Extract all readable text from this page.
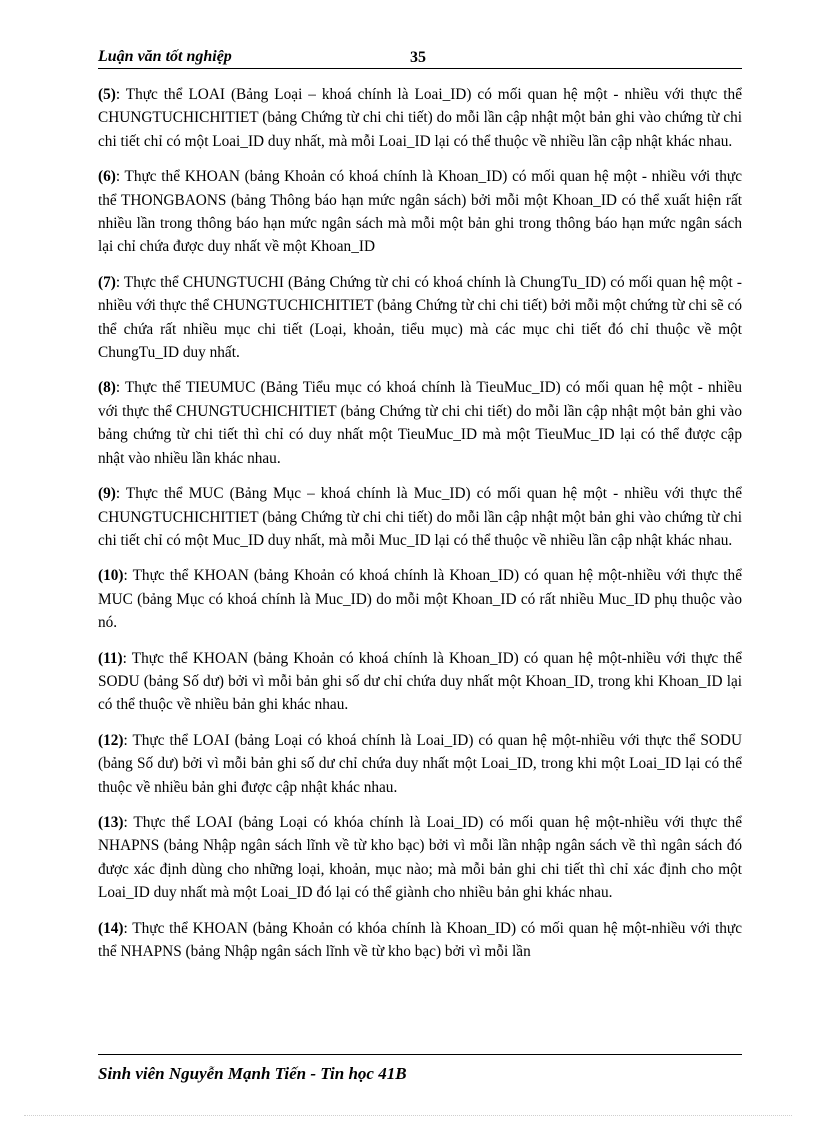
Luận văn tốt nghiệp	35

(5): Thực thể LOAI (Bảng Loại – khoá chính là Loai_ID) có mối quan hệ một - nhiều với thực thể CHUNGTUCHICHITIET (bảng Chứng từ chi chi tiết) do mỗi lần cập nhật một bản ghi vào chứng từ chi chi tiết chỉ có một Loai_ID duy nhất, mà mỗi Loai_ID lại có thể thuộc về nhiều lần cập nhật khác nhau.

(6): Thực thể KHOAN (bảng Khoản có khoá chính là Khoan_ID) có mối quan hệ một - nhiều với thực thể THONGBAONS (bảng Thông báo hạn mức ngân sách) bởi mỗi một Khoan_ID có thể xuất hiện rất nhiều lần trong thông báo hạn mức ngân sách mà mỗi một bản ghi trong thông báo hạn mức ngân sách lại chỉ chứa được duy nhất về một Khoan_ID

(7): Thực thể CHUNGTUCHI (Bảng Chứng từ chi có khoá chính là ChungTu_ID) có mối quan hệ một - nhiều với thực thể CHUNGTUCHICHITIET (bảng Chứng từ chi chi tiết) bởi mỗi một chứng từ chi sẽ có thể chứa rất nhiều mục chi tiết (Loại, khoản, tiểu mục) mà các mục chi tiết đó chỉ thuộc về một ChungTu_ID duy nhất.

(8): Thực thể TIEUMUC (Bảng Tiểu mục có khoá chính là TieuMuc_ID) có mối quan hệ một - nhiều với thực thể CHUNGTUCHICHITIET (bảng Chứng từ chi chi tiết) do mỗi lần cập nhật một bản ghi vào bảng chứng từ chi tiết thì chỉ có duy nhất một TieuMuc_ID mà một TieuMuc_ID lại có thể được cập nhật vào nhiều lần khác nhau.

(9): Thực thể MUC (Bảng Mục – khoá chính là Muc_ID) có mối quan hệ một - nhiều với thực thể CHUNGTUCHICHITIET (bảng Chứng từ chi chi tiết) do mỗi lần cập nhật một bản ghi vào chứng từ chi chi tiết chỉ có một Muc_ID duy nhất, mà mỗi Muc_ID lại có thể thuộc về nhiều lần cập nhật khác nhau.

(10): Thực thể KHOAN (bảng Khoản có khoá chính là Khoan_ID) có quan hệ một-nhiều với thực thể MUC (bảng Mục có khoá chính là Muc_ID) do mỗi một Khoan_ID có rất nhiều Muc_ID phụ thuộc vào nó.

(11): Thực thể KHOAN (bảng Khoản có khoá chính là Khoan_ID) có quan hệ một-nhiều với thực thể SODU (bảng Số dư) bởi vì mỗi bản ghi số dư chỉ chứa duy nhất một Khoan_ID, trong khi Khoan_ID lại có thể thuộc về nhiều bản ghi khác nhau.

(12): Thực thể LOAI (bảng Loại có khoá chính là Loai_ID) có quan hệ một-nhiều với thực thể SODU (bảng Số dư) bởi vì mỗi bản ghi số dư chỉ chứa duy nhất một Loai_ID, trong khi một Loai_ID lại có thể thuộc về nhiều bản ghi được cập nhật khác nhau.

(13): Thực thể LOAI (bảng Loại có khóa chính là Loai_ID) có mối quan hệ một-nhiều với thực thể NHAPNS (bảng Nhập ngân sách lĩnh về từ kho bạc) bởi vì mỗi lần nhập ngân sách về thì ngân sách đó được xác định dùng cho những loại, khoản, mục nào; mà mỗi bản ghi chi tiết thì chỉ xác định cho một Loai_ID duy nhất mà một Loai_ID đó lại có thể giành cho nhiều bản ghi khác nhau.

(14): Thực thể KHOAN (bảng Khoản có khóa chính là Khoan_ID) có mối quan hệ một-nhiều với thực thể NHAPNS (bảng Nhập ngân sách lĩnh về từ kho bạc) bởi vì mỗi lần

Sinh viên Nguyễn Mạnh Tiến - Tin học 41B
